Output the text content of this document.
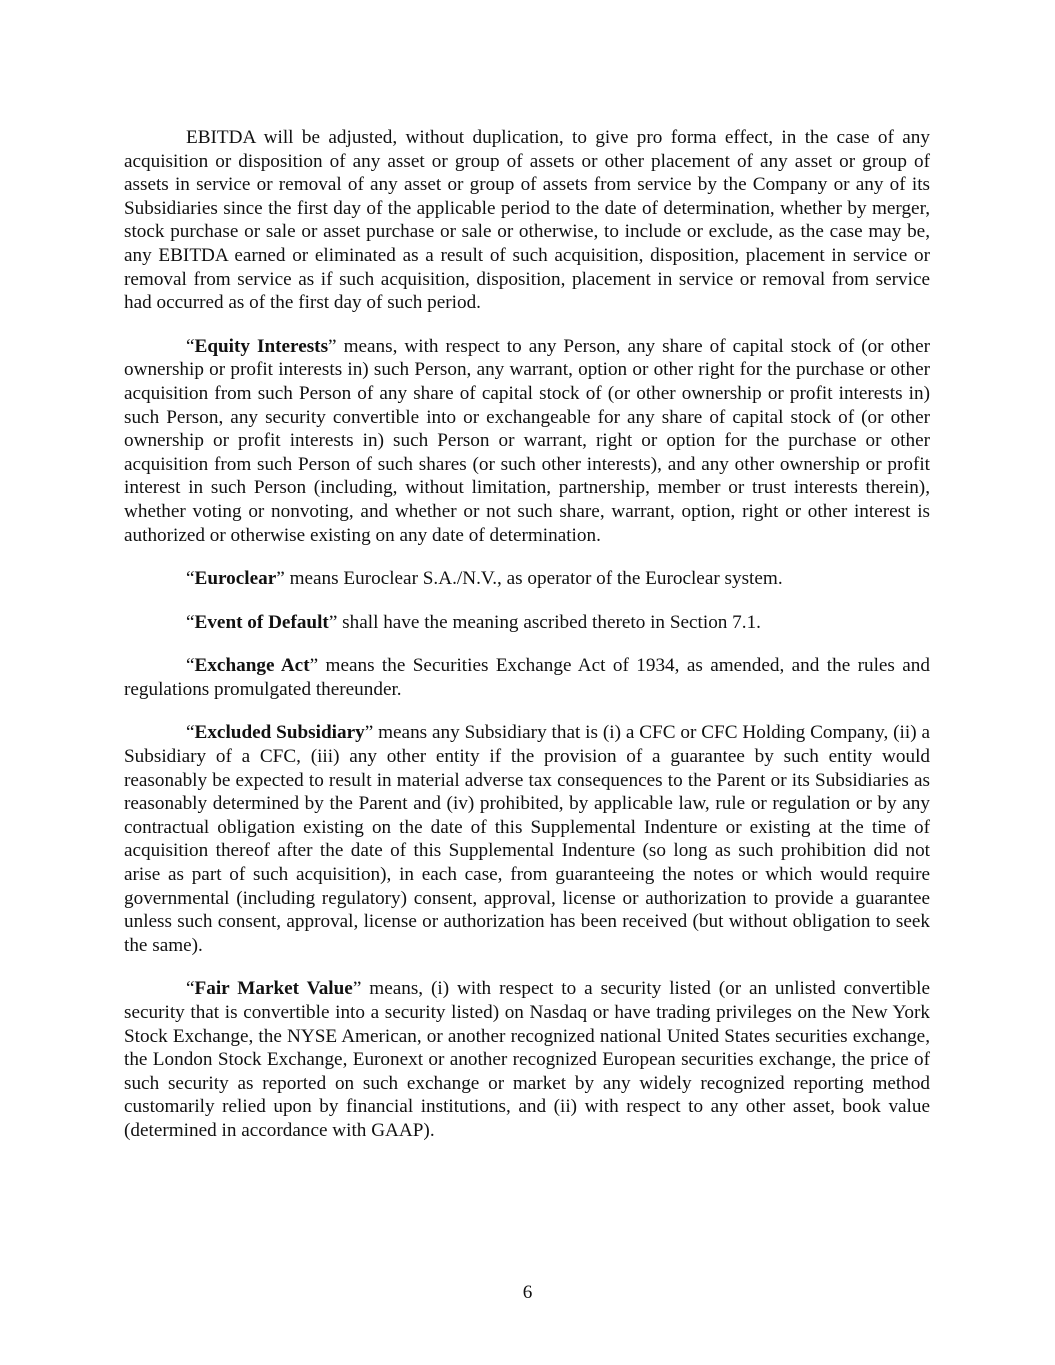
EBITDA will be adjusted, without duplication, to give pro forma effect, in the case of any acquisition or disposition of any asset or group of assets or other placement of any asset or group of assets in service or removal of any asset or group of assets from service by the Company or any of its Subsidiaries since the first day of the applicable period to the date of determination, whether by merger, stock purchase or sale or asset purchase or sale or otherwise, to include or exclude, as the case may be, any EBITDA earned or eliminated as a result of such acquisition, disposition, placement in service or removal from service as if such acquisition, disposition, placement in service or removal from service had occurred as of the first day of such period.

“Equity Interests” means, with respect to any Person, any share of capital stock of (or other ownership or profit interests in) such Person, any warrant, option or other right for the purchase or other acquisition from such Person of any share of capital stock of (or other ownership or profit interests in) such Person, any security convertible into or exchangeable for any share of capital stock of (or other ownership or profit interests in) such Person or warrant, right or option for the purchase or other acquisition from such Person of such shares (or such other interests), and any other ownership or profit interest in such Person (including, without limitation, partnership, member or trust interests therein), whether voting or nonvoting, and whether or not such share, warrant, option, right or other interest is authorized or otherwise existing on any date of determination.

“Euroclear” means Euroclear S.A./N.V., as operator of the Euroclear system.

“Event of Default” shall have the meaning ascribed thereto in Section 7.1.

“Exchange Act” means the Securities Exchange Act of 1934, as amended, and the rules and regulations promulgated thereunder.

“Excluded Subsidiary” means any Subsidiary that is (i) a CFC or CFC Holding Company, (ii) a Subsidiary of a CFC, (iii) any other entity if the provision of a guarantee by such entity would reasonably be expected to result in material adverse tax consequences to the Parent or its Subsidiaries as reasonably determined by the Parent and (iv) prohibited, by applicable law, rule or regulation or by any contractual obligation existing on the date of this Supplemental Indenture or existing at the time of acquisition thereof after the date of this Supplemental Indenture (so long as such prohibition did not arise as part of such acquisition), in each case, from guaranteeing the notes or which would require governmental (including regulatory) consent, approval, license or authorization to provide a guarantee unless such consent, approval, license or authorization has been received (but without obligation to seek the same).

“Fair Market Value” means, (i) with respect to a security listed (or an unlisted convertible security that is convertible into a security listed) on Nasdaq or have trading privileges on the New York Stock Exchange, the NYSE American, or another recognized national United States securities exchange, the London Stock Exchange, Euronext or another recognized European securities exchange, the price of such security as reported on such exchange or market by any widely recognized reporting method customarily relied upon by financial institutions, and (ii) with respect to any other asset, book value (determined in accordance with GAAP).

6
